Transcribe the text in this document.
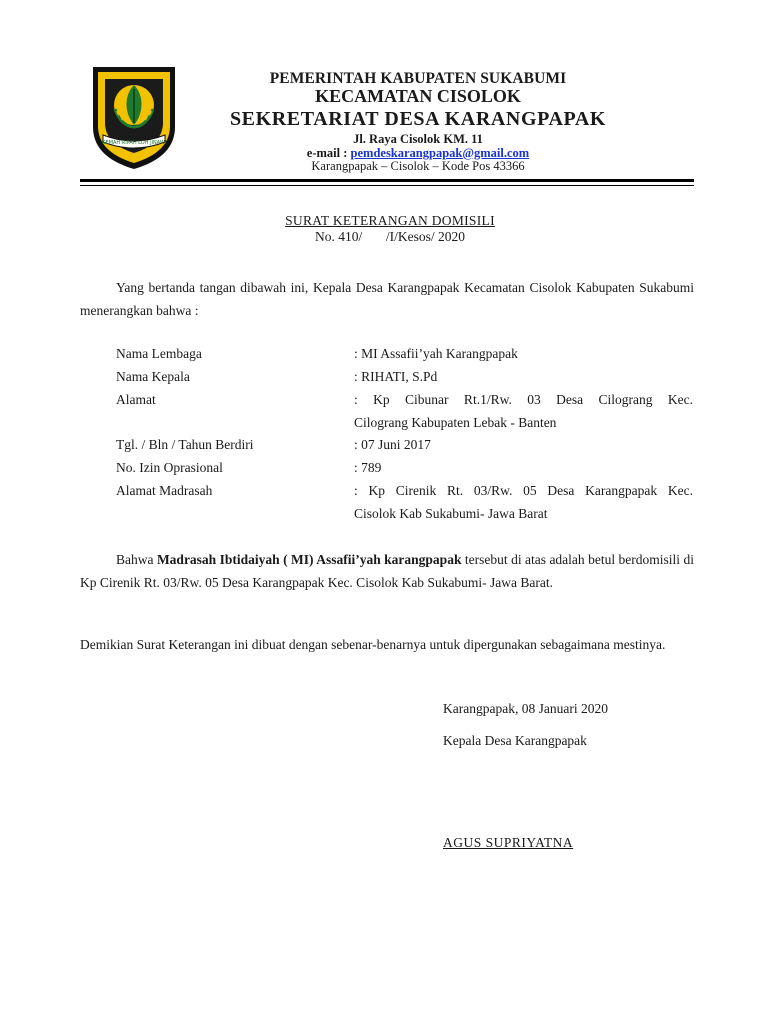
GEMAH RIPAH LOH JINAWI
PEMERINTAH KABUPATEN SUKABUMI
KECAMATAN CISOLOK
SEKRETARIAT DESA KARANGPAPAK
Jl. Raya Cisolok KM. 11
e-mail : pemdeskarangpapak@gmail.com
Karangpapak – Cisolok – Kode Pos 43366
SURAT KETERANGAN DOMISILI
No. 410/       /I/Kesos/ 2020
Yang bertanda tangan dibawah ini, Kepala Desa Karangpapak Kecamatan Cisolok Kabupaten Sukabumi menerangkan bahwa :
Nama Lembaga	: MI Assafii’yah Karangpapak
Nama Kepala	: RIHATI, S.Pd
Alamat	: Kp Cibunar Rt.1/Rw. 03 Desa Cilograng Kec.
Cilograng Kabupaten Lebak - Banten
Tgl. / Bln / Tahun Berdiri	: 07 Juni 2017
No. Izin Oprasional	: 789
Alamat Madrasah	: Kp Cirenik Rt. 03/Rw. 05 Desa Karangpapak Kec.
Cisolok Kab Sukabumi- Jawa Barat
Bahwa Madrasah Ibtidaiyah ( MI) Assafii’yah karangpapak tersebut di atas adalah betul berdomisili di Kp Cirenik Rt. 03/Rw. 05 Desa Karangpapak Kec. Cisolok Kab Sukabumi- Jawa Barat.
Demikian Surat Keterangan ini dibuat dengan sebenar-benarnya untuk dipergunakan sebagaimana mestinya.
Karangpapak, 08 Januari 2020
Kepala Desa Karangpapak
AGUS SUPRIYATNA
